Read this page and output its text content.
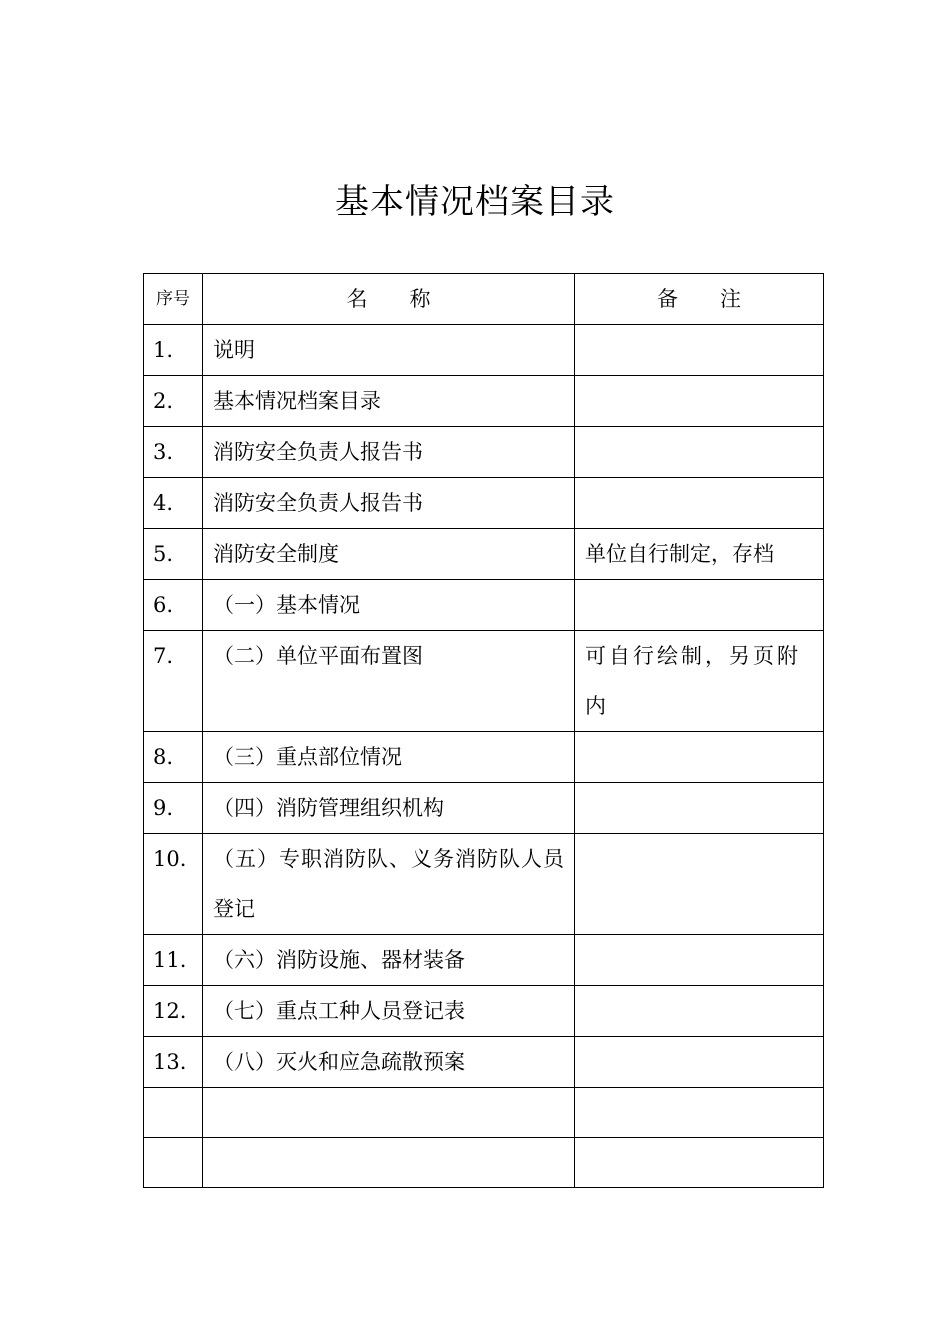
基本情况档案目录
序号	名　　称	备　　注
1.	说明	
2.	基本情况档案目录	
3.	消防安全负责人报告书	
4.	消防安全负责人报告书	
5.	消防安全制度	单位自行制定，存档
6.	（一）基本情况	
7.	（二）单位平面布置图	可自行绘制，另页附内
8.	（三）重点部位情况	
9.	（四）消防管理组织机构	
10.	（五）专职消防队、义务消防队人员登记	
11.	（六）消防设施、器材装备	
12.	（七）重点工种人员登记表	
13.	（八）灭火和应急疏散预案	
